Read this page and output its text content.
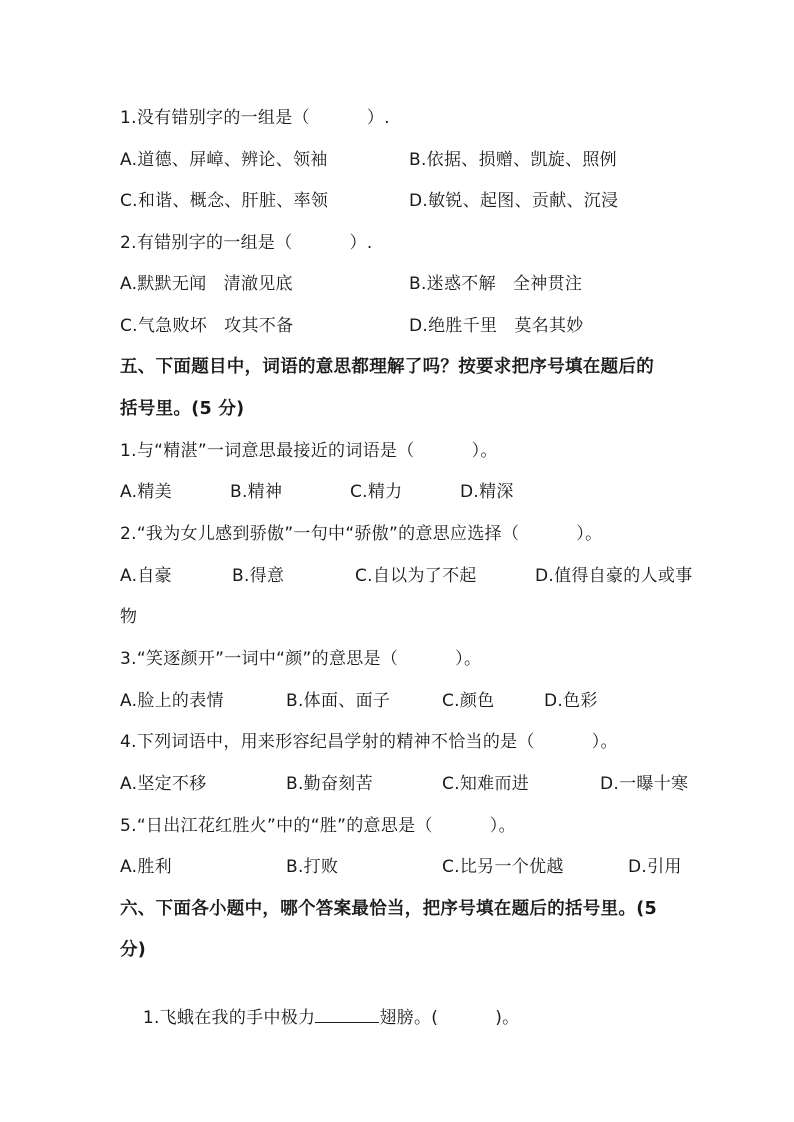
1.没有错别字的一组是（          ）.

A.道德、屏嶂、辨论、领袖

	B.依据、损赠、凯旋、照例

C.和谐、概念、肝脏、率领

	D.敏锐、起图、贡献、沉浸

2.有错别字的一组是（          ）.

A.默默无闻   清澈见底

	B.迷惑不解   全神贯注

C.气急败坏   攻其不备

	D.绝胜千里   莫名其妙

五、下面题目中，词语的意思都理解了吗？按要求把序号填在题后的
括号里。(5 分)
1.与“精湛”一词意思最接近的词语是（          ）。

A.精美

	B.精神

	C.精力

	D.精深

2.“我为女儿感到骄傲”一句中“骄傲”的意思应选择（          ）。

A.自豪

	B.得意

	C.自以为了不起

	D.值得自豪的人或事

物
3.“笑逐颜开”一词中“颜”的意思是（          ）。

A.脸上的表情

	B.体面、面子

	C.颜色

	D.色彩

4.下列词语中，用来形容纪昌学射的精神不恰当的是（          ）。

A.坚定不移

	B.勤奋刻苦

	C.知难而进

	D.一曝十寒

5.“日出江花红胜火”中的“胜”的意思是（          ）。

A.胜利

	B.打败

	C.比另一个优越

	D.引用

六、下面各小题中，哪个答案最恰当，把序号填在题后的括号里。(5
分)

1.飞蛾在我的手中极力	翅膀。(          )。
